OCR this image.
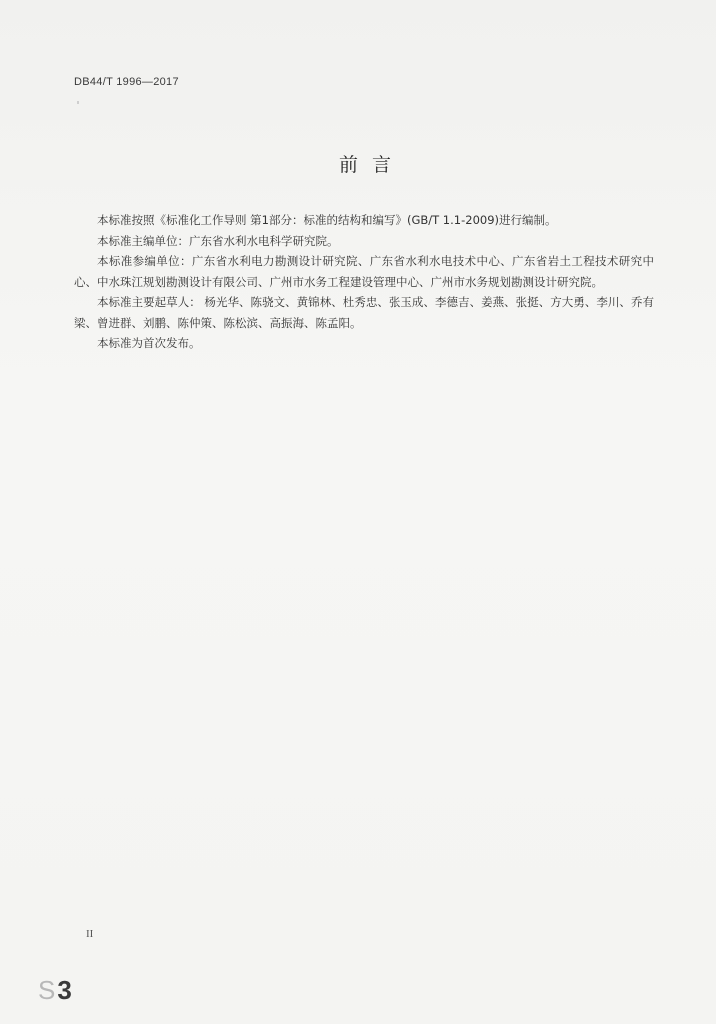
DB44/T 1996—2017
前言

本标准按照《标准化工作导则 第1部分：标准的结构和编写》(GB/T 1.1-2009)进行编制。

本标准主编单位：广东省水利水电科学研究院。

本标准参编单位：广东省水利电力勘测设计研究院、广东省水利水电技术中心、广东省岩土工程技术研究中心、中水珠江规划勘测设计有限公司、广州市水务工程建设管理中心、广州市水务规划勘测设计研究院。

本标准主要起草人： 杨光华、陈骁文、黄锦林、杜秀忠、张玉成、李德吉、姜燕、张挺、方大勇、李川、乔有梁、曾进群、刘鹏、陈仲策、陈松滨、高振海、陈孟阳。

本标准为首次发布。

II
S3
